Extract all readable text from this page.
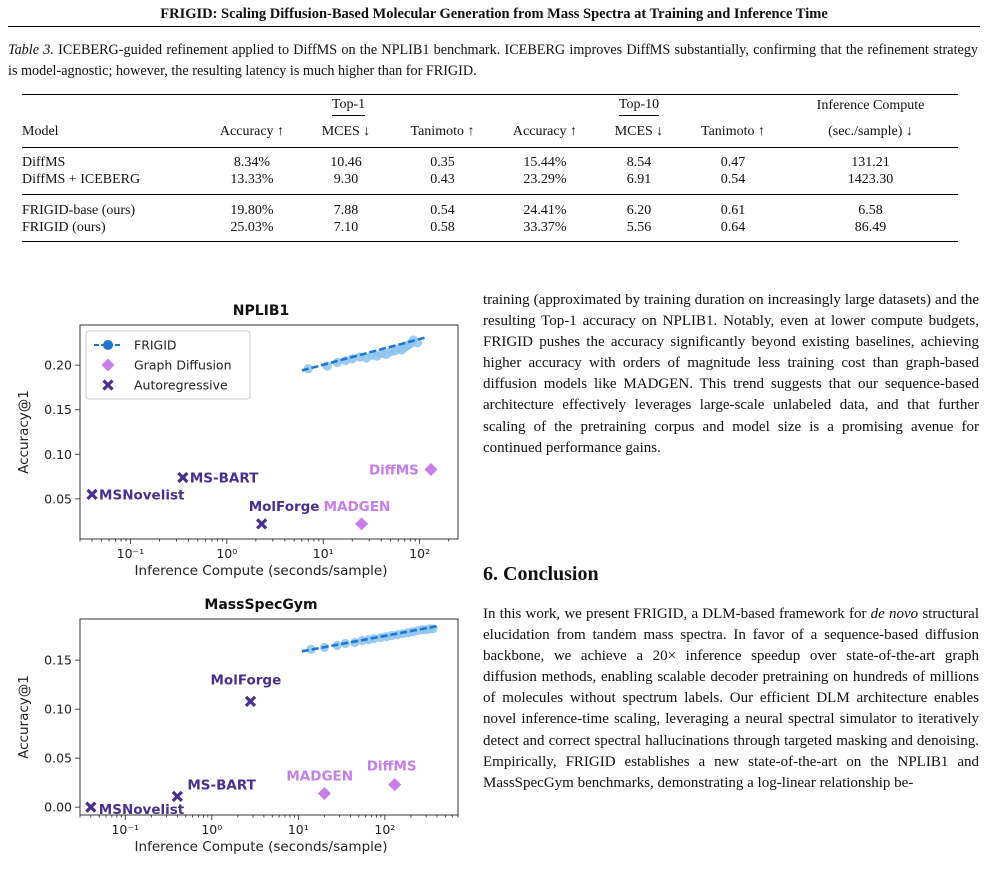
FRIGID: Scaling Diffusion-Based Molecular Generation from Mass Spectra at Training and Inference Time
Table 3. ICEBERG-guided refinement applied to DiffMS on the NPLIB1 benchmark. ICEBERG improves DiffMS substantially, confirming that the refinement strategy is model-agnostic; however, the resulting latency is much higher than for FRIGID.
	Top-1			Top-10			Inference Compute
Model	Accuracy ↑	MCES ↓	Tanimoto ↑	Accuracy ↑	MCES ↓	Tanimoto ↑	(sec./sample) ↓

DiffMS	8.34%	10.46	0.35	15.44%	8.54	0.47	131.21
DiffMS + ICEBERG	13.33%	9.30	0.43	23.29%	6.91	0.54	1423.30

FRIGID-base (ours)	19.80%	7.88	0.54	24.41%	6.20	0.61	6.58
FRIGID (ours)	25.03%	7.10	0.58	33.37%	5.56	0.64	86.49
NPLIB1
10⁻¹	10⁰	10¹	10²
0.05
0.10
0.15
0.20
Inference Compute (seconds/sample)
Accuracy@1	DiffMS
MADGEN
MS-BART
MSNovelist
MolForge
FRIGID
Graph Diffusion
Autoregressive
MassSpecGym
10⁻¹	10⁰	10¹	10²
0.00
0.05
0.10
0.15
Inference Compute (seconds/sample)
Accuracy@1
MADGEN
DiffMS
MolForge
MS-BART
MSNovelist
training (approximated by training duration on increasingly large datasets) and the resulting Top-1 accuracy on NPLIB1. Notably, even at lower compute budgets, FRIGID pushes the accuracy significantly beyond existing baselines, achieving higher accuracy with orders of magnitude less training cost than graph-based diffusion models like MADGEN. This trend suggests that our sequence-based architecture effectively leverages large-scale unlabeled data, and that further scaling of the pretraining corpus and model size is a promising avenue for continued performance gains.
6. Conclusion
In this work, we present FRIGID, a DLM-based framework for de novo structural elucidation from tandem mass spectra. In favor of a sequence-based diffusion backbone, we achieve a 20× inference speedup over state-of-the-art graph diffusion methods, enabling scalable decoder pretraining on hundreds of millions of molecules without spectrum labels. Our efficient DLM architecture enables novel inference-time scaling, leveraging a neural spectral simulator to iteratively detect and correct spectral hallucinations through targeted masking and denoising. Empirically, FRIGID establishes a new state-of-the-art on the NPLIB1 and MassSpecGym benchmarks, demonstrating a log-linear relationship be-
